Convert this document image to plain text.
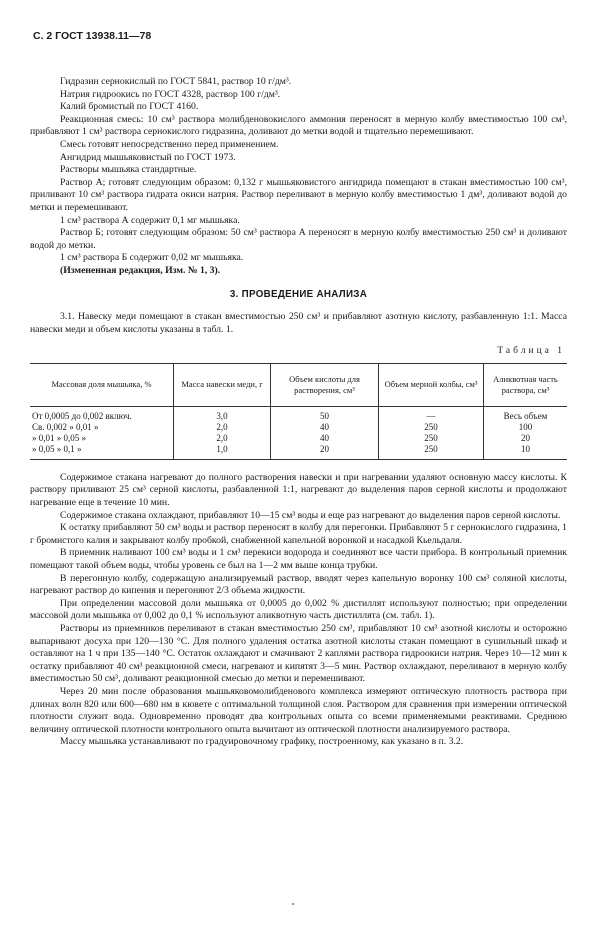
С. 2 ГОСТ 13938.11—78

Гидразин сернокислый по ГОСТ 5841, раствор 10 г/дм³.

Натрия гидроокись по ГОСТ 4328, раствор 100 г/дм³.

Калий бромистый по ГОСТ 4160.

Реакционная смесь: 10 см³ раствора молибденовокислого аммония переносят в мерную колбу вместимостью 100 см³, прибавляют 1 см³ раствора сернокислого гидразина, доливают до метки водой и тщательно перемешивают.

Смесь готовят непосредственно перед применением.

Ангидрид мышьяковистый по ГОСТ 1973.

Растворы мышьяка стандартные.

Раствор А; готовят следующим образом: 0,132 г мышьяковистого ангидрида помещают в стакан вместимостью 100 см³, приливают 10 см³ раствора гидрата окиси натрия. Раствор переливают в мерную колбу вместимостью 1 дм³, доливают водой до метки и перемешивают.

1 см³ раствора А содержит 0,1 мг мышьяка.

Раствор Б; готовят следующим образом: 50 см³ раствора А переносят в мерную колбу вместимостью 250 см³ и доливают водой до метки.

1 см³ раствора Б содержит 0,02 мг мышьяка.

(Измененная редакция, Изм. № 1, 3).

3. ПРОВЕДЕНИЕ АНАЛИЗА

3.1. Навеску меди помещают в стакан вместимостью 250 см³ и прибавляют азотную кислоту, разбавленную 1:1. Масса навески меди и объем кислоты указаны в табл. 1.

Таблица 1
Массовая доля мышьяка, %	Масса навески меди, г	Объем кислоты для растворения, см³	Объем мерной колбы, см³	Аликвотная часть раствора, см³
От 0,0005 до 0,002 включ.	3,0	50	—	Весь объем
Св. 0,002 » 0,01 »	2,0	40	250	100
» 0,01 » 0,05 »	2,0	40	250	20
» 0,05 » 0,1 »	1,0	20	250	10

Содержимое стакана нагревают до полного растворения навески и при нагревании удаляют основную массу кислоты. К раствору приливают 25 см³ серной кислоты, разбавленной 1:1, нагревают до выделения паров серной кислоты и продолжают нагревание еще в течение 10 мин.

Содержимое стакана охлаждают, прибавляют 10—15 см³ воды и еще раз нагревают до выделения паров серной кислоты.

К остатку прибавляют 50 см³ воды и раствор переносят в колбу для перегонки. Прибавляют 5 г сернокислого гидразина, 1 г бромистого калия и закрывают колбу пробкой, снабженной капельной воронкой и насадкой Кьельдаля.

В приемник наливают 100 см³ воды и 1 см³ перекиси водорода и соединяют все части прибора. В контрольный приемник помещают такой объем воды, чтобы уровень се был на 1—2 мм выше конца трубки.

В перегонную колбу, содержащую анализируемый раствор, вводят через капельную воронку 100 см³ соляной кислоты, нагревают раствор до кипения и перегоняют 2/3 объема жидкости.

При определении массовой доли мышьяка от 0,0005 до 0,002 % дистиллят используют полностью; при определении массовой доли мышьяка от 0,002 до 0,1 % используют аликвотную часть дистиллята (см. табл. 1).

Растворы из приемников переливают в стакан вместимостью 250 см³, прибавляют 10 см³ азотной кислоты и осторожно выпаривают досуха при 120—130 °С. Для полного удаления остатка азотной кислоты стакан помещают в сушильный шкаф и оставляют на 1 ч при 135—140 °С. Остаток охлаждают и смачивают 2 каплями раствора гидроокиси натрия. Через 10—12 мин к остатку прибавляют 40 см³ реакционной смеси, нагревают и кипятят 3—5 мин. Раствор охлаждают, переливают в мерную колбу вместимостью 50 см³, доливают реакционной смесью до метки и перемешивают.

Через 20 мин после образования мышьяковомолибденового комплекса измеряют оптическую плотность раствора при длинах волн 820 или 600—680 нм в кювете с оптимальной толщиной слоя. Раствором для сравнения при измерении оптической плотности служит вода. Одновременно проводят два контрольных опыта со всеми применяемыми реактивами. Среднюю величину оптической плотности контрольного опыта вычитают из оптической плотности анализируемого раствора.

Массу мышьяка устанавливают по градуировочному графику, построенному, как указано в п. 3.2.
